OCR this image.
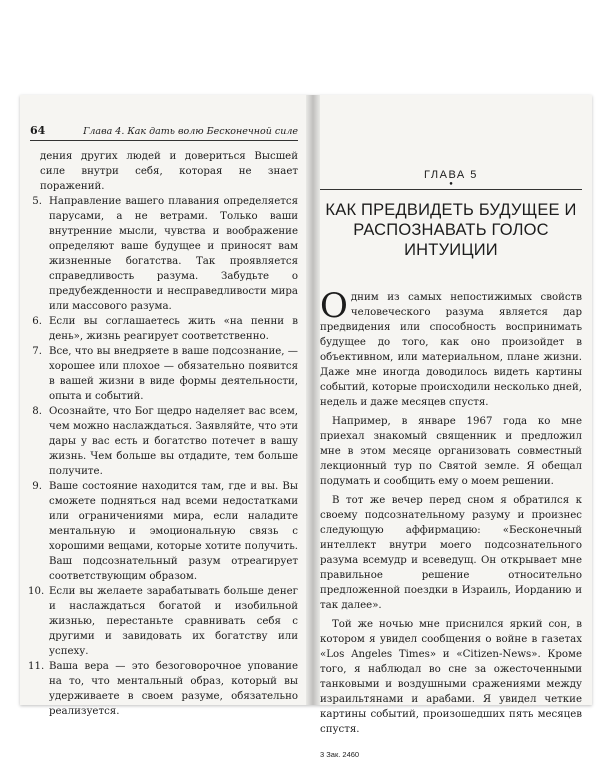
64	Глава 4. Как дать волю Бесконечной силе
дения других людей и довериться Высшей силе внутри себя, которая не знает поражений.
5. Направление вашего плавания определяется парусами, а не ветрами. Только ваши внутренние мысли, чувства и воображение определяют ваше будущее и приносят вам жизненные богатства. Так проявляется справедливость разума. Забудьте о предубежденности и несправедливости мира или массового разума.
6. Если вы соглашаетесь жить «на пенни в день», жизнь реагирует соответственно.
7. Все, что вы внедряете в ваше подсознание, — хорошее или плохое — обязательно появится в вашей жизни в виде формы деятельности, опыта и событий.
8. Осознайте, что Бог щедро наделяет вас всем, чем можно наслаждаться. Заявляйте, что эти дары у вас есть и богатство потечет в вашу жизнь. Чем больше вы отдадите, тем больше получите.
9. Ваше состояние находится там, где и вы. Вы сможете подняться над всеми недостатками или ограничениями мира, если наладите ментальную и эмоциональную связь с хорошими вещами, которые хотите получить. Ваш подсознательный разум отреагирует соответствующим образом.
10. Если вы желаете зарабатывать больше денег и наслаждаться богатой и изобильной жизнью, перестаньте сравнивать себя с другими и завидовать их богатству или успеху.
11. Ваша вера — это безоговорочное упование на то, что ментальный образ, который вы удерживаете в своем разуме, обязательно реализуется.
ГЛАВА 5
•
КАК ПРЕДВИДЕТЬ БУДУЩЕЕ И РАСПОЗНАВАТЬ ГОЛОС ИНТУИЦИИ

О дним из самых непостижимых свойств человеческого разума является дар предвидения или способность воспринимать будущее до того, как оно произойдет в объективном, или материальном, плане жизни. Даже мне иногда доводилось видеть картины событий, которые происходили несколько дней, недель и даже месяцев спустя.

Например, в январе 1967 года ко мне приехал знакомый священник и предложил мне в этом месяце организовать совместный лекционный тур по Святой земле. Я обещал подумать и сообщить ему о моем решении.

В тот же вечер перед сном я обратился к своему подсознательному разуму и произнес следующую аффирмацию: «Бесконечный интеллект внутри моего подсознательного разума всемудр и всеведущ. Он открывает мне правильное решение относительно предложенной поездки в Израиль, Иорданию и так далее».

Той же ночью мне приснился яркий сон, в котором я увидел сообщения о войне в газетах «Los Angeles Times» и «Citizen-News». Кроме того, я наблюдал во сне за ожесточенными танковыми и воздушными сражениями между израильтянами и арабами. Я увидел четкие картины событий, произошедших пять месяцев спустя.

3 Зак. 2460
